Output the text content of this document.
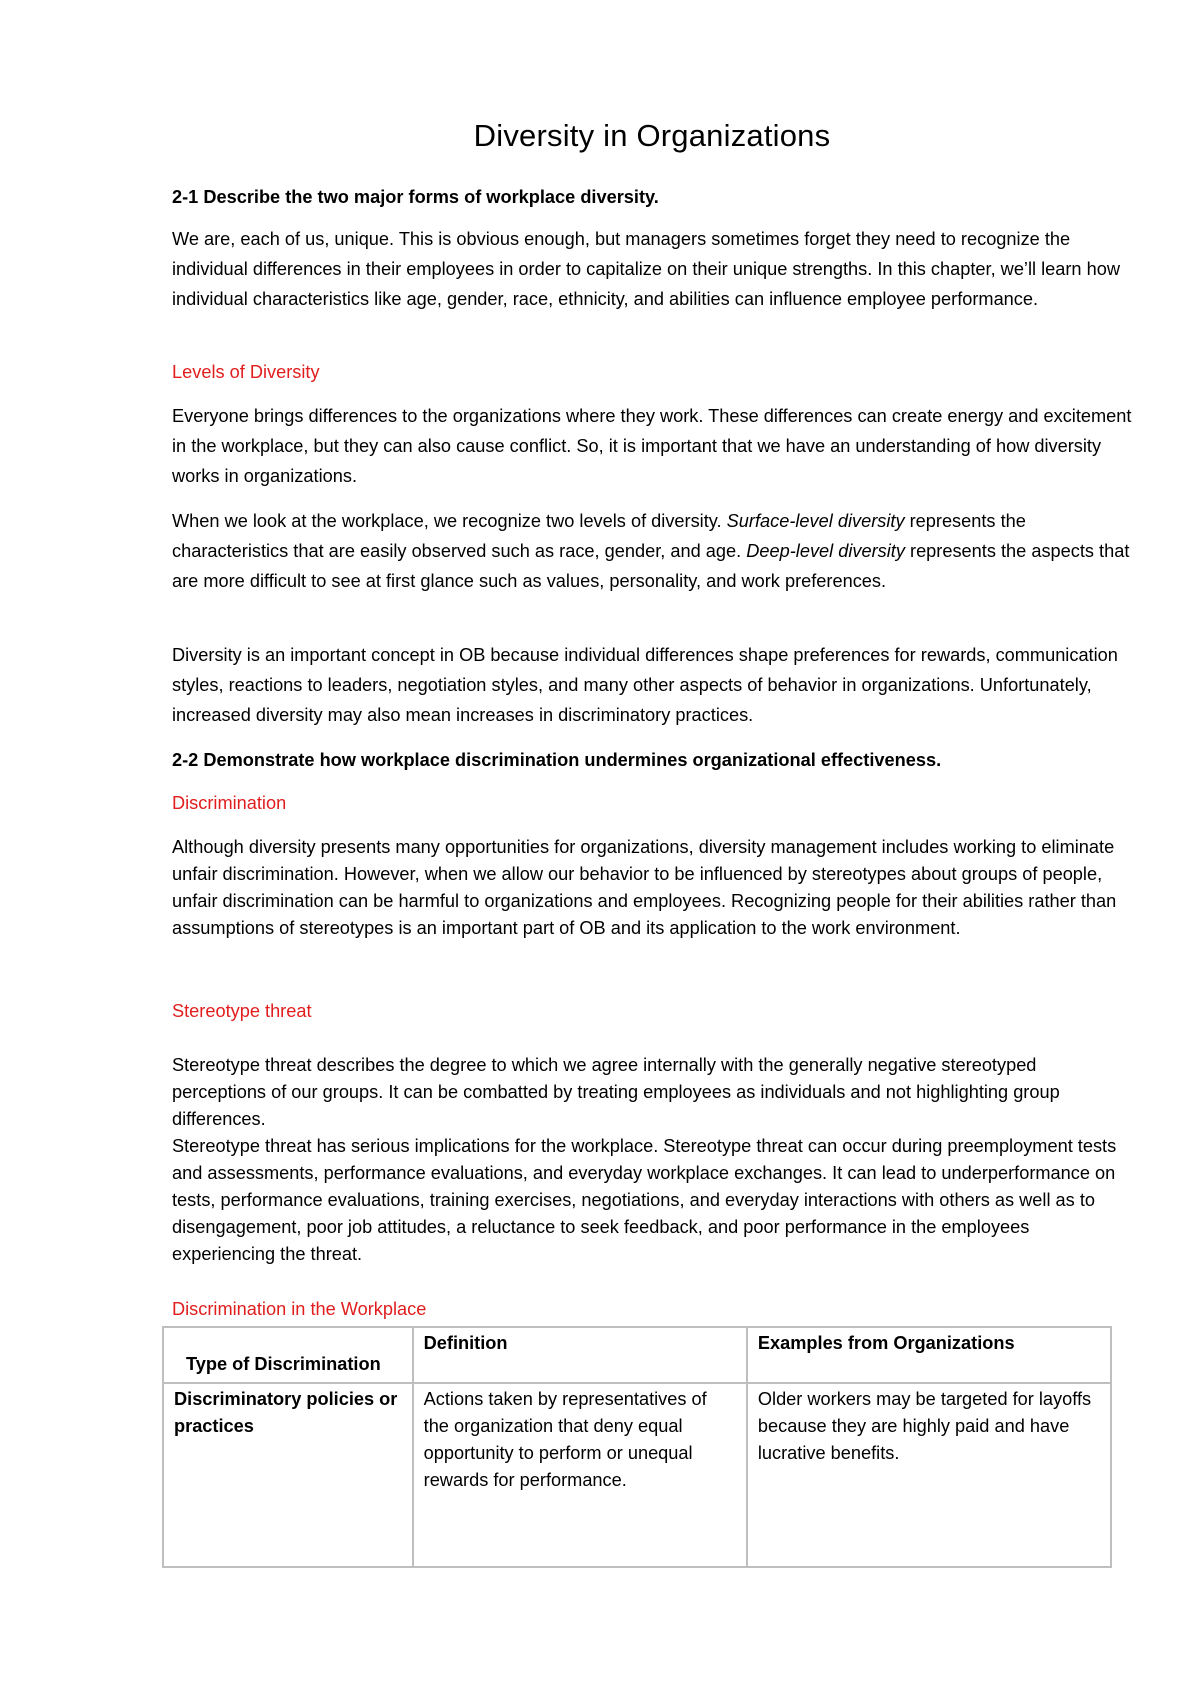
Diversity in Organizations

2-1 Describe the two major forms of workplace diversity.

We are, each of us, unique. This is obvious enough, but managers sometimes forget they need to recognize the individual differences in their employees in order to capitalize on their unique strengths. In this chapter, we’ll learn how individual characteristics like age, gender, race, ethnicity, and abilities can influence employee performance.

Levels of Diversity

Everyone brings differences to the organizations where they work. These differences can create energy and excitement in the workplace, but they can also cause conflict. So, it is important that we have an understanding of how diversity works in organizations.

When we look at the workplace, we recognize two levels of diversity. Surface-level diversity represents the characteristics that are easily observed such as race, gender, and age. Deep-level diversity represents the aspects that are more difficult to see at first glance such as values, personality, and work preferences.

Diversity is an important concept in OB because individual differences shape preferences for rewards, communication styles, reactions to leaders, negotiation styles, and many other aspects of behavior in organizations. Unfortunately, increased diversity may also mean increases in discriminatory practices.

2-2 Demonstrate how workplace discrimination undermines organizational effectiveness.

Discrimination

Although diversity presents many opportunities for organizations, diversity management includes working to eliminate unfair discrimination. However, when we allow our behavior to be influenced by stereotypes about groups of people, unfair discrimination can be harmful to organizations and employees. Recognizing people for their abilities rather than assumptions of stereotypes is an important part of OB and its application to the work environment.

Stereotype threat

Stereotype threat describes the degree to which we agree internally with the generally negative stereotyped perceptions of our groups. It can be combatted by treating employees as individuals and not highlighting group differences.

Stereotype threat has serious implications for the workplace. Stereotype threat can occur during preemployment tests and assessments, performance evaluations, and everyday workplace exchanges. It can lead to underperformance on tests, performance evaluations, training exercises, negotiations, and everyday interactions with others as well as to disengagement, poor job attitudes, a reluctance to seek feedback, and poor performance in the employees experiencing the threat.

Discrimination in the Workplace

Type of Discrimination	Definition	Examples from Organizations
Discriminatory policies or practices	Actions taken by representatives of the organization that deny equal opportunity to perform or unequal rewards for performance.	Older workers may be targeted for layoffs because they are highly paid and have lucrative benefits.
